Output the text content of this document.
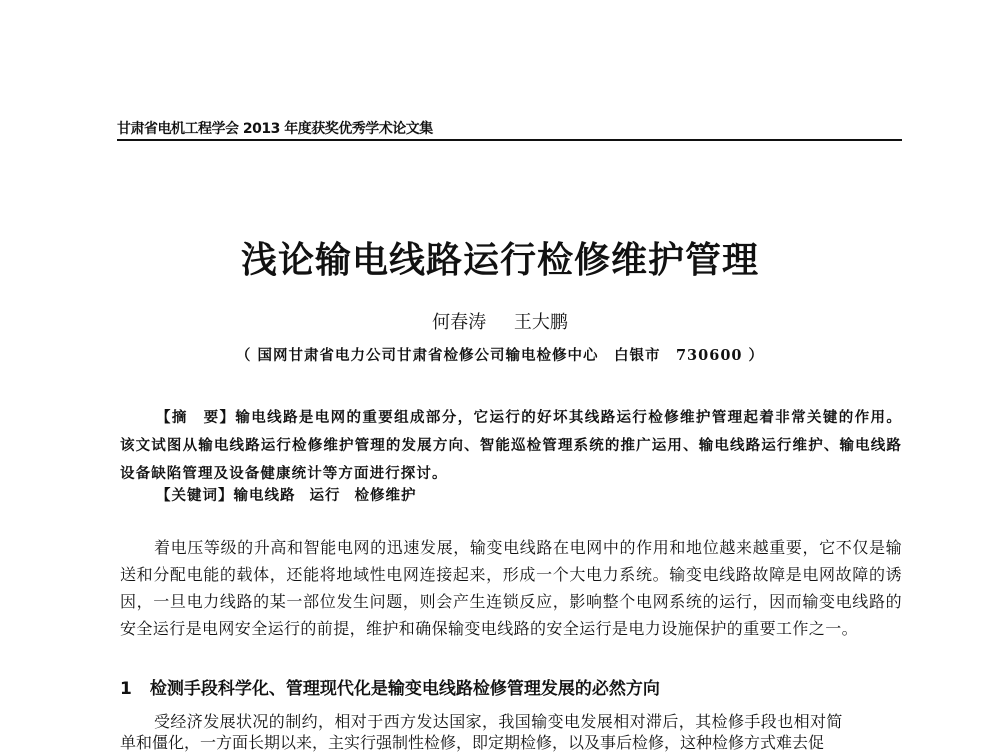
甘肃省电机工程学会 2013 年度获奖优秀学术论文集
浅论输电线路运行检修维护管理
何春涛 王大鹏
（ 国网甘肃省电力公司甘肃省检修公司输电检修中心　白银市　730600 ）

【摘　要】输电线路是电网的重要组成部分，它运行的好坏其线路运行检修维护管理起着非常关键的作用。该文试图从输电线路运行检修维护管理的发展方向、智能巡检管理系统的推广运用、输电线路运行维护、输电线路设备缺陷管理及设备健康统计等方面进行探讨。

【关键词】输电线路 运行 检修维护

着电压等级的升高和智能电网的迅速发展，输变电线路在电网中的作用和地位越来越重要，它不仅是输送和分配电能的载体，还能将地域性电网连接起来，形成一个大电力系统。输变电线路故障是电网故障的诱因，一旦电力线路的某一部位发生问题，则会产生连锁反应，影响整个电网系统的运行，因而输变电线路的安全运行是电网安全运行的前提，维护和确保输变电线路的安全运行是电力设施保护的重要工作之一。

1 检测手段科学化、管理现代化是输变电线路检修管理发展的必然方向

受经济发展状况的制约，相对于西方发达国家，我国输变电发展相对滞后，其检修手段也相对简

单和僵化，一方面长期以来，主实行强制性检修，即定期检修，以及事后检修，这种检修方式难去促
